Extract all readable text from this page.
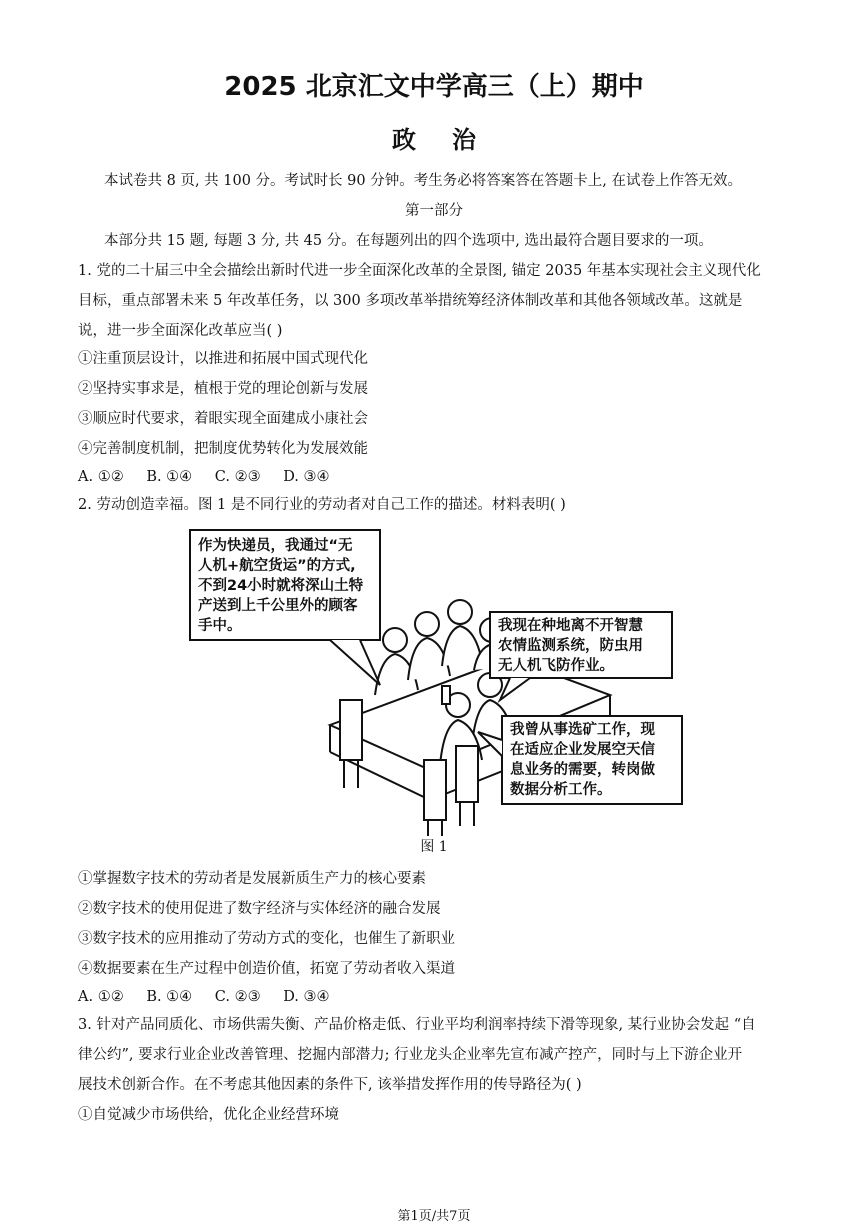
2025 北京汇文中学高三（上）期中
政治
本试卷共 8 页, 共 100 分。考试时长 90 分钟。考生务必将答案答在答题卡上, 在试卷上作答无效。
第一部分
本部分共 15 题, 每题 3 分, 共 45 分。在每题列出的四个选项中, 选出最符合题目要求的一项。
1. 党的二十届三中全会描绘出新时代进一步全面深化改革的全景图, 锚定 2035 年基本实现社会主义现代化
目标，重点部署未来 5 年改革任务，以 300 多项改革举措统筹经济体制改革和其他各领域改革。这就是
说，进一步全面深化改革应当( )
①注重顶层设计，以推进和拓展中国式现代化
②坚持实事求是，植根于党的理论创新与发展
③顺应时代要求，着眼实现全面建成小康社会
④完善制度机制，把制度优势转化为发展效能
A. ①② B. ①④ C. ②③ D. ③④
2. 劳动创造幸福。图 1 是不同行业的劳动者对自己工作的描述。材料表明( )
作为快递员，我通过“无
人机+航空货运”的方式,
不到24小时就将深山土特
产送到上千公里外的顾客
手中。	我现在种地离不开智慧
农情监测系统，防虫用
无人机飞防作业。
我曾从事选矿工作，现
在适应企业发展空天信
息业务的需要，转岗做
数据分析工作。
图 1
①掌握数字技术的劳动者是发展新质生产力的核心要素
②数字技术的使用促进了数字经济与实体经济的融合发展
③数字技术的应用推动了劳动方式的变化，也催生了新职业
④数据要素在生产过程中创造价值，拓宽了劳动者收入渠道
A. ①② B. ①④ C. ②③ D. ③④
3. 针对产品同质化、市场供需失衡、产品价格走低、行业平均利润率持续下滑等现象, 某行业协会发起 “自
律公约”, 要求行业企业改善管理、挖掘内部潜力; 行业龙头企业率先宣布减产控产，同时与上下游企业开
展技术创新合作。在不考虑其他因素的条件下, 该举措发挥作用的传导路径为( )
①自觉减少市场供给，优化企业经营环境
第1页/共7页
